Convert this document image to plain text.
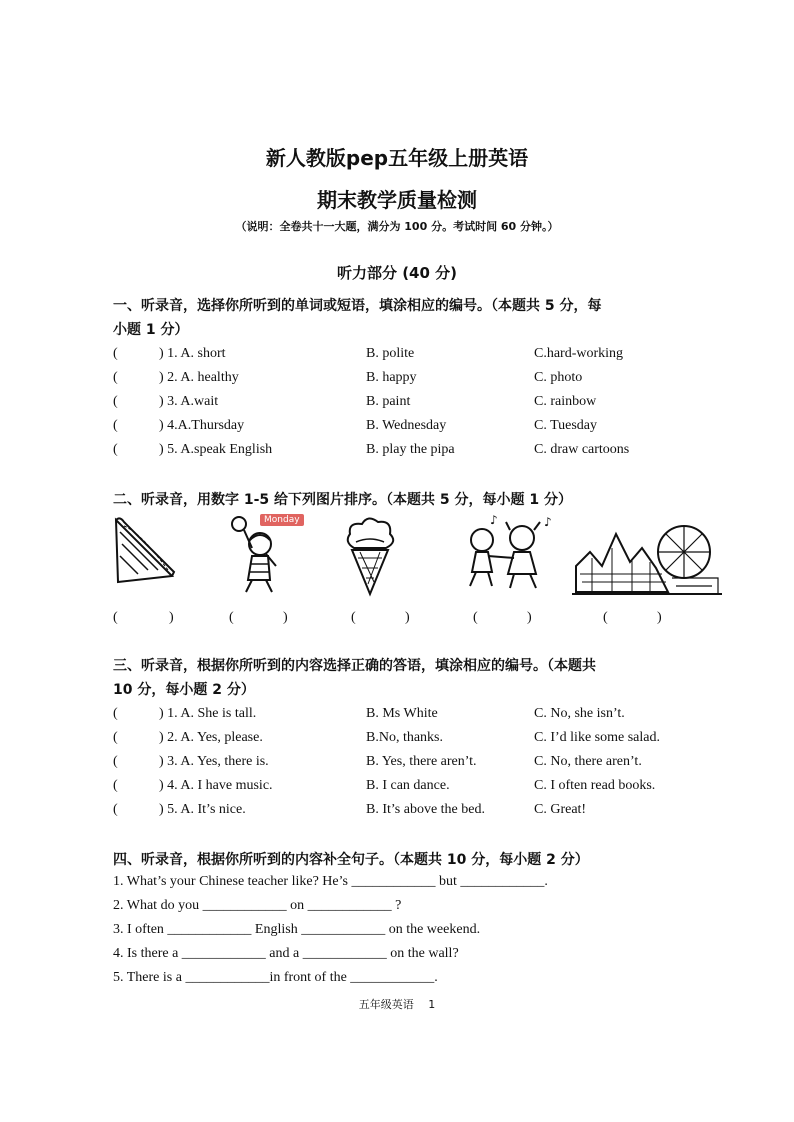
新人教版pep五年级上册英语
期末教学质量检测
（说明：全卷共十一大题，满分为 100 分。考试时间 60 分钟。）
听力部分 (40 分)
一、听录音，选择你所听到的单词或短语，填涂相应的编号。（本题共 5 分，每
小题 1 分）
(	) 1. A. short	B. polite	C.hard-working
(	) 2. A. healthy	B. happy	C. photo
(	) 3. A.wait	B. paint	C. rainbow
(	) 4.A.Thursday	B. Wednesday	C. Tuesday
(	) 5. A.speak English	B. play the pipa	C. draw cartoons
二、听录音，用数字 1-5 给下列图片排序。（本题共 5 分，每小题 1 分）
Monday	♪	♪
(	)	(	)	(	)	(	)	(	)
三、听录音，根据你所听到的内容选择正确的答语，填涂相应的编号。（本题共
10 分，每小题 2 分）
(	) 1. A. She is tall.	B. Ms White	C. No, she isn’t.
(	) 2. A. Yes, please.	B.No, thanks.	C. I’d like some salad.
(	) 3. A. Yes, there is.	B. Yes, there aren’t.	C. No, there aren’t.
(	) 4. A. I have music.	B. I can dance.	C. I often read books.
(	) 5. A. It’s nice.	B. It’s above the bed.	C. Great!
四、听录音，根据你所听到的内容补全句子。（本题共 10 分，每小题 2 分）
1. What’s your Chinese teacher like? He’s ____________ but ____________.
2. What do you ____________ on ____________ ?
3. I often ____________ English ____________ on the weekend.
4. Is there a ____________ and a ____________ on the wall?
5. There is a ____________in front of the ____________.
五年级英语　 1
